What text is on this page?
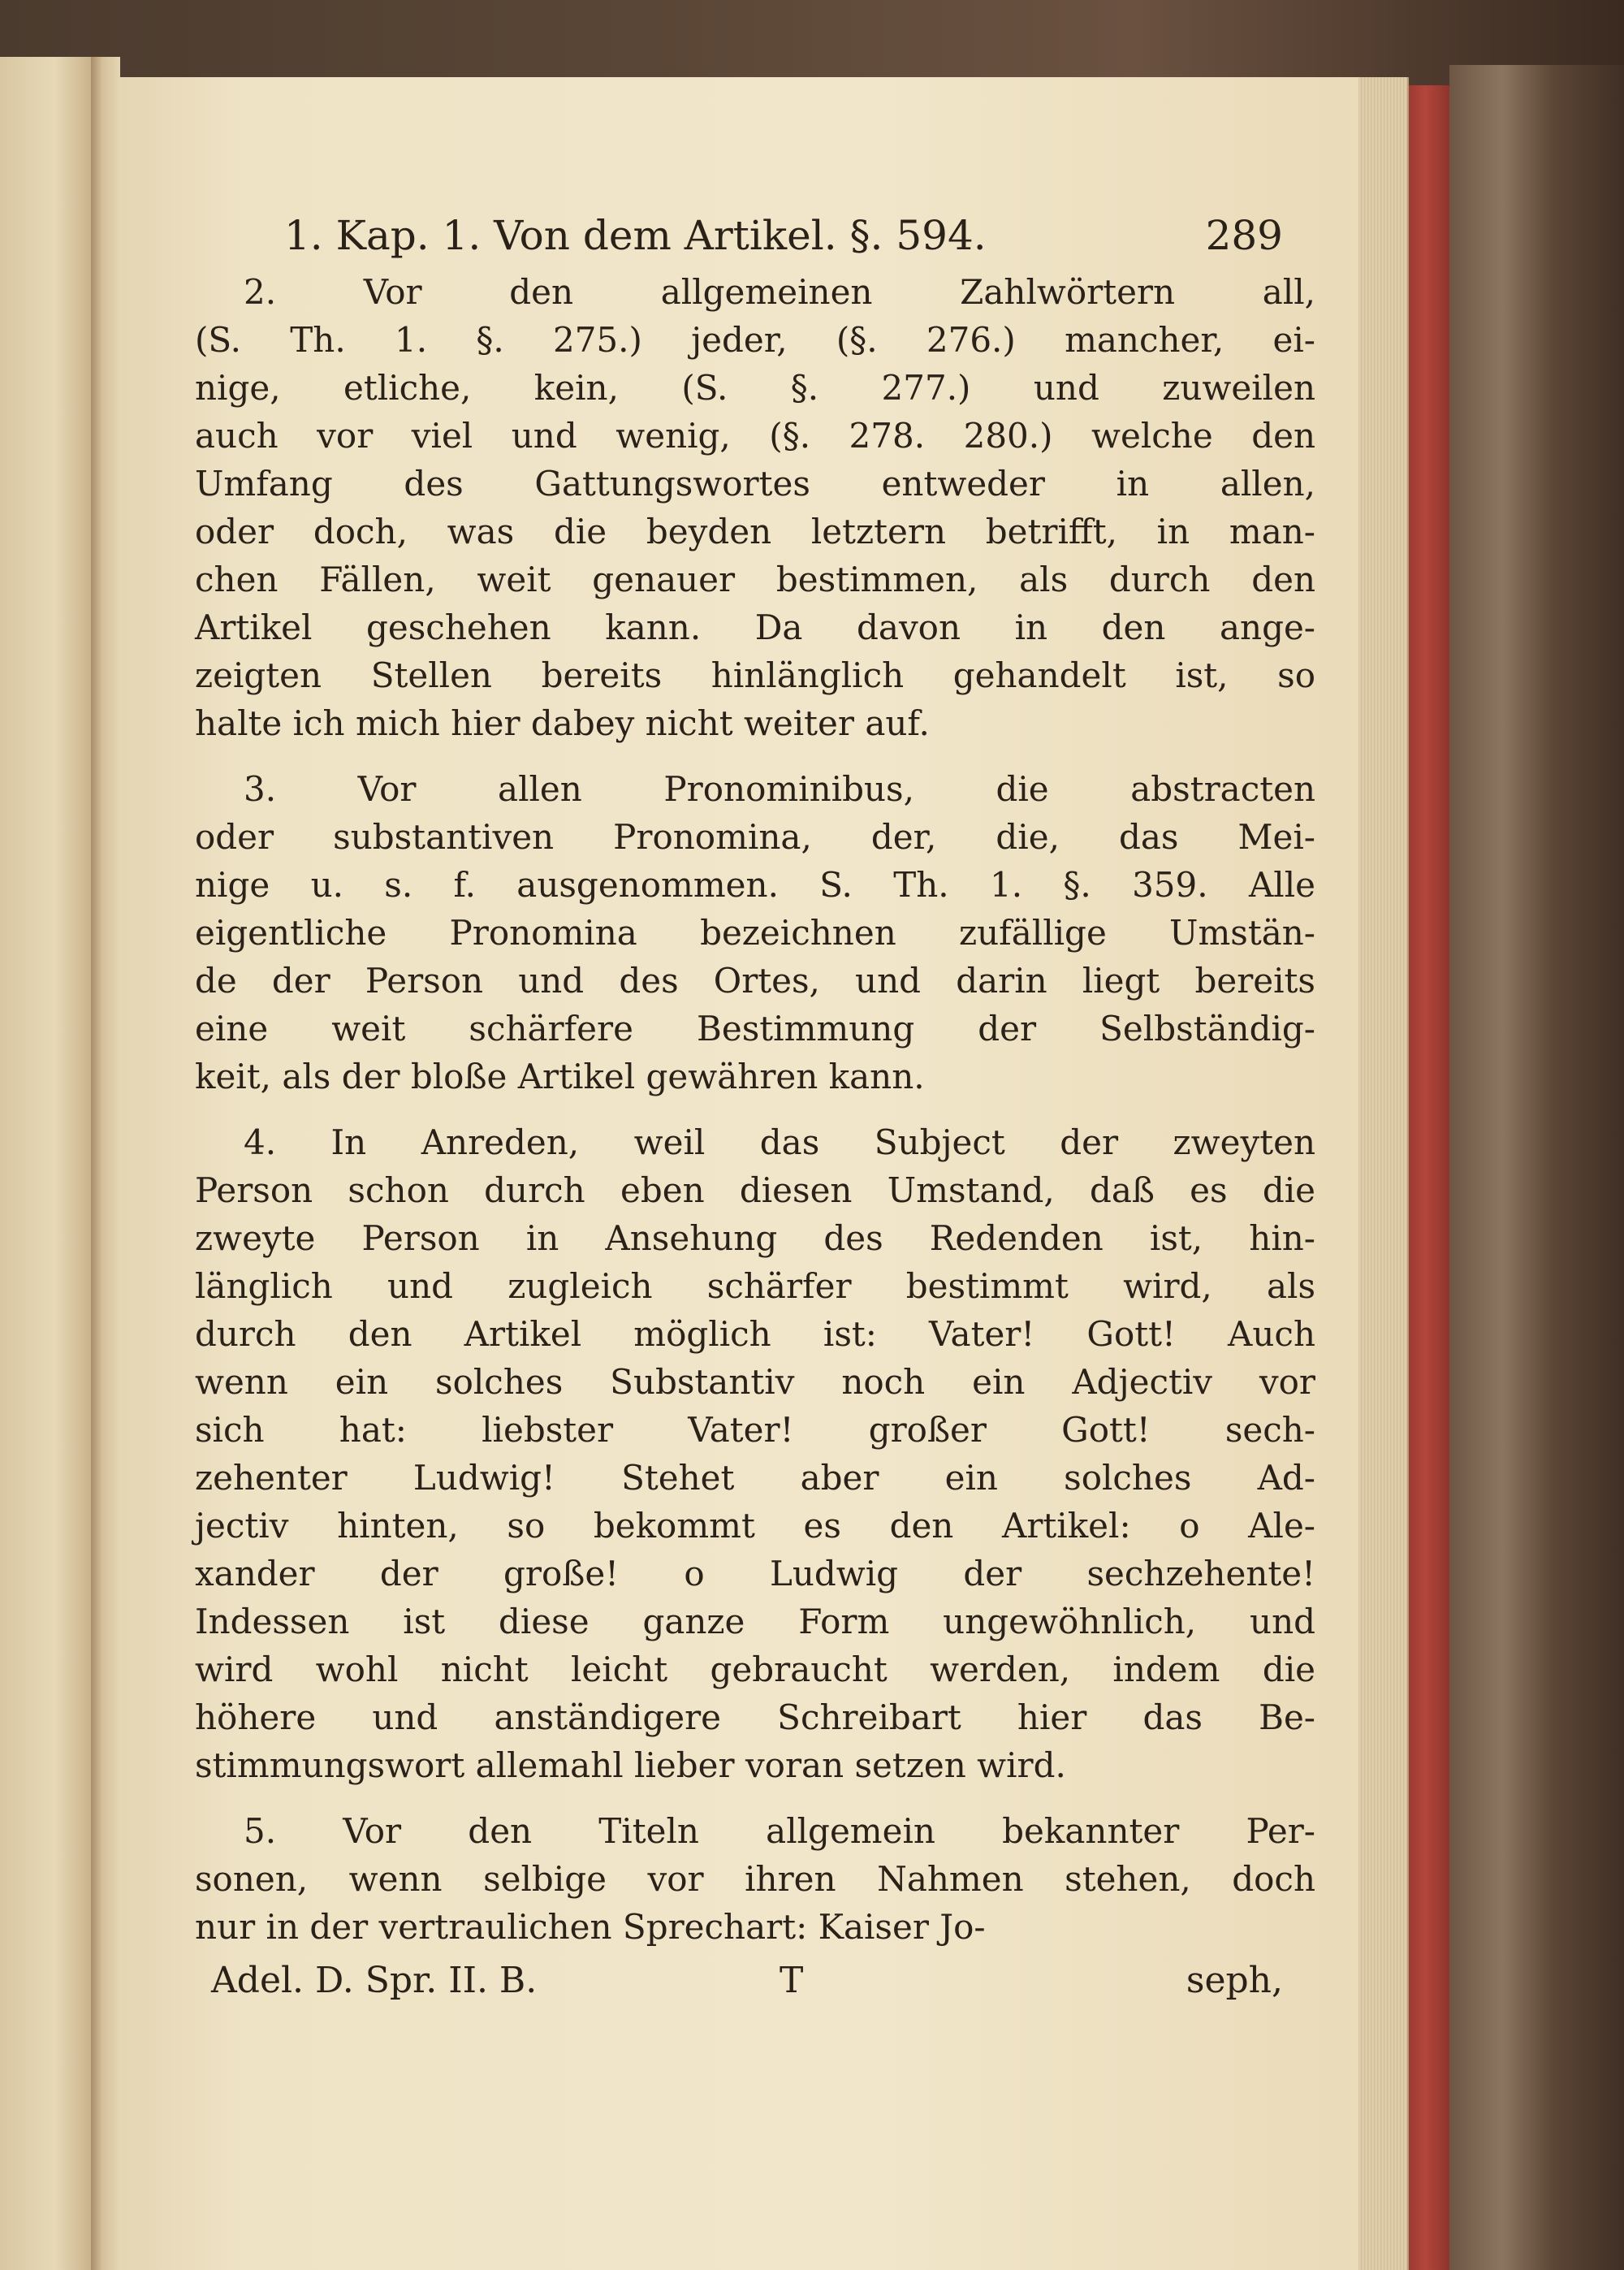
1. Kap. 1. Von dem Artikel. §. 594.	289
2. Vor den allgemeinen Zahlwörtern all,
(S. Th. 1. §. 275.) jeder, (§. 276.) mancher, ei-
nige, etliche, kein, (S. §. 277.) und zuweilen
auch vor viel und wenig, (§. 278. 280.) welche den
Umfang des Gattungswortes entweder in allen,
oder doch, was die beyden letztern betrifft, in man-
chen Fällen, weit genauer bestimmen, als durch den
Artikel geschehen kann. Da davon in den ange-
zeigten Stellen bereits hinlänglich gehandelt ist, so
halte ich mich hier dabey nicht weiter auf.
3. Vor allen Pronominibus, die abstracten
oder substantiven Pronomina, der, die, das Mei-
nige u. s. f. ausgenommen. S. Th. 1. §. 359. Alle
eigentliche Pronomina bezeichnen zufällige Umstän-
de der Person und des Ortes, und darin liegt bereits
eine weit schärfere Bestimmung der Selbständig-
keit, als der bloße Artikel gewähren kann.
4. In Anreden, weil das Subject der zweyten
Person schon durch eben diesen Umstand, daß es die
zweyte Person in Ansehung des Redenden ist, hin-
länglich und zugleich schärfer bestimmt wird, als
durch den Artikel möglich ist: Vater! Gott! Auch
wenn ein solches Substantiv noch ein Adjectiv vor
sich hat: liebster Vater! großer Gott! sech-
zehenter Ludwig! Stehet aber ein solches Ad-
jectiv hinten, so bekommt es den Artikel: o Ale-
xander der große! o Ludwig der sechzehente!
Indessen ist diese ganze Form ungewöhnlich, und
wird wohl nicht leicht gebraucht werden, indem die
höhere und anständigere Schreibart hier das Be-
stimmungswort allemahl lieber voran setzen wird.
5. Vor den Titeln allgemein bekannter Per-
sonen, wenn selbige vor ihren Nahmen stehen, doch
nur in der vertraulichen Sprechart: Kaiser Jo-
Adel. D. Spr. II. B.	T	seph,
